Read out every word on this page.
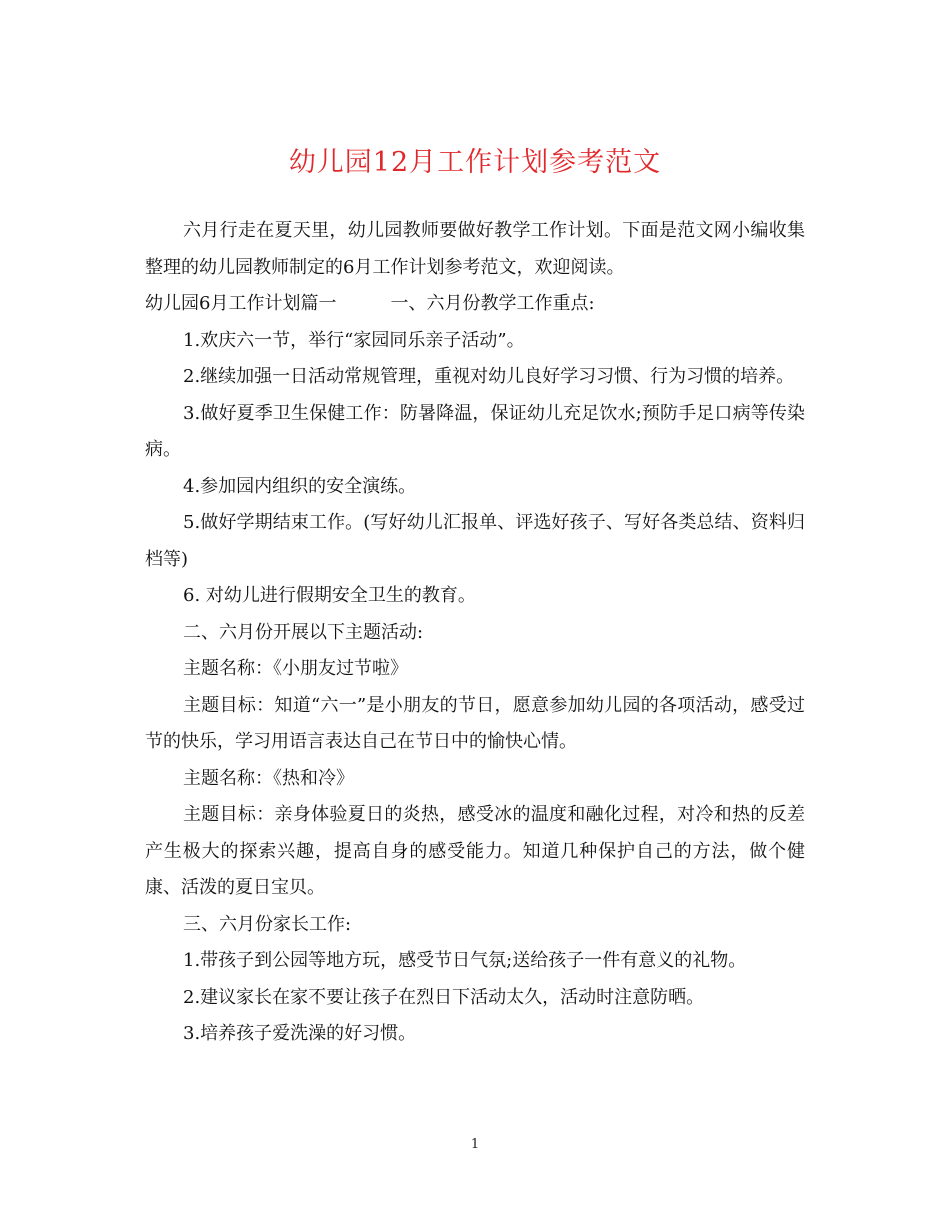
幼儿园12月工作计划参考范文

六月行走在夏天里，幼儿园教师要做好教学工作计划。下面是范文网小编收集整理的幼儿园教师制定的6月工作计划参考范文，欢迎阅读。

幼儿园6月工作计划篇一	一、六月份教学工作重点:

1.欢庆六一节，举行“家园同乐亲子活动”。

2.继续加强一日活动常规管理，重视对幼儿良好学习习惯、行为习惯的培养。

3.做好夏季卫生保健工作：防暑降温，保证幼儿充足饮水;预防手足口病等传染病。

4.参加园内组织的安全演练。

5.做好学期结束工作。(写好幼儿汇报单、评选好孩子、写好各类总结、资料归档等)

6. 对幼儿进行假期安全卫生的教育。

二、六月份开展以下主题活动:

主题名称：《小朋友过节啦》

主题目标：知道“六一”是小朋友的节日，愿意参加幼儿园的各项活动，感受过节的快乐，学习用语言表达自己在节日中的愉快心情。

主题名称：《热和冷》

主题目标：亲身体验夏日的炎热，感受冰的温度和融化过程，对冷和热的反差产生极大的探索兴趣，提高自身的感受能力。知道几种保护自己的方法，做个健康、活泼的夏日宝贝。

三、六月份家长工作:

1.带孩子到公园等地方玩，感受节日气氛;送给孩子一件有意义的礼物。

2.建议家长在家不要让孩子在烈日下活动太久，活动时注意防晒。

3.培养孩子爱洗澡的好习惯。

1
